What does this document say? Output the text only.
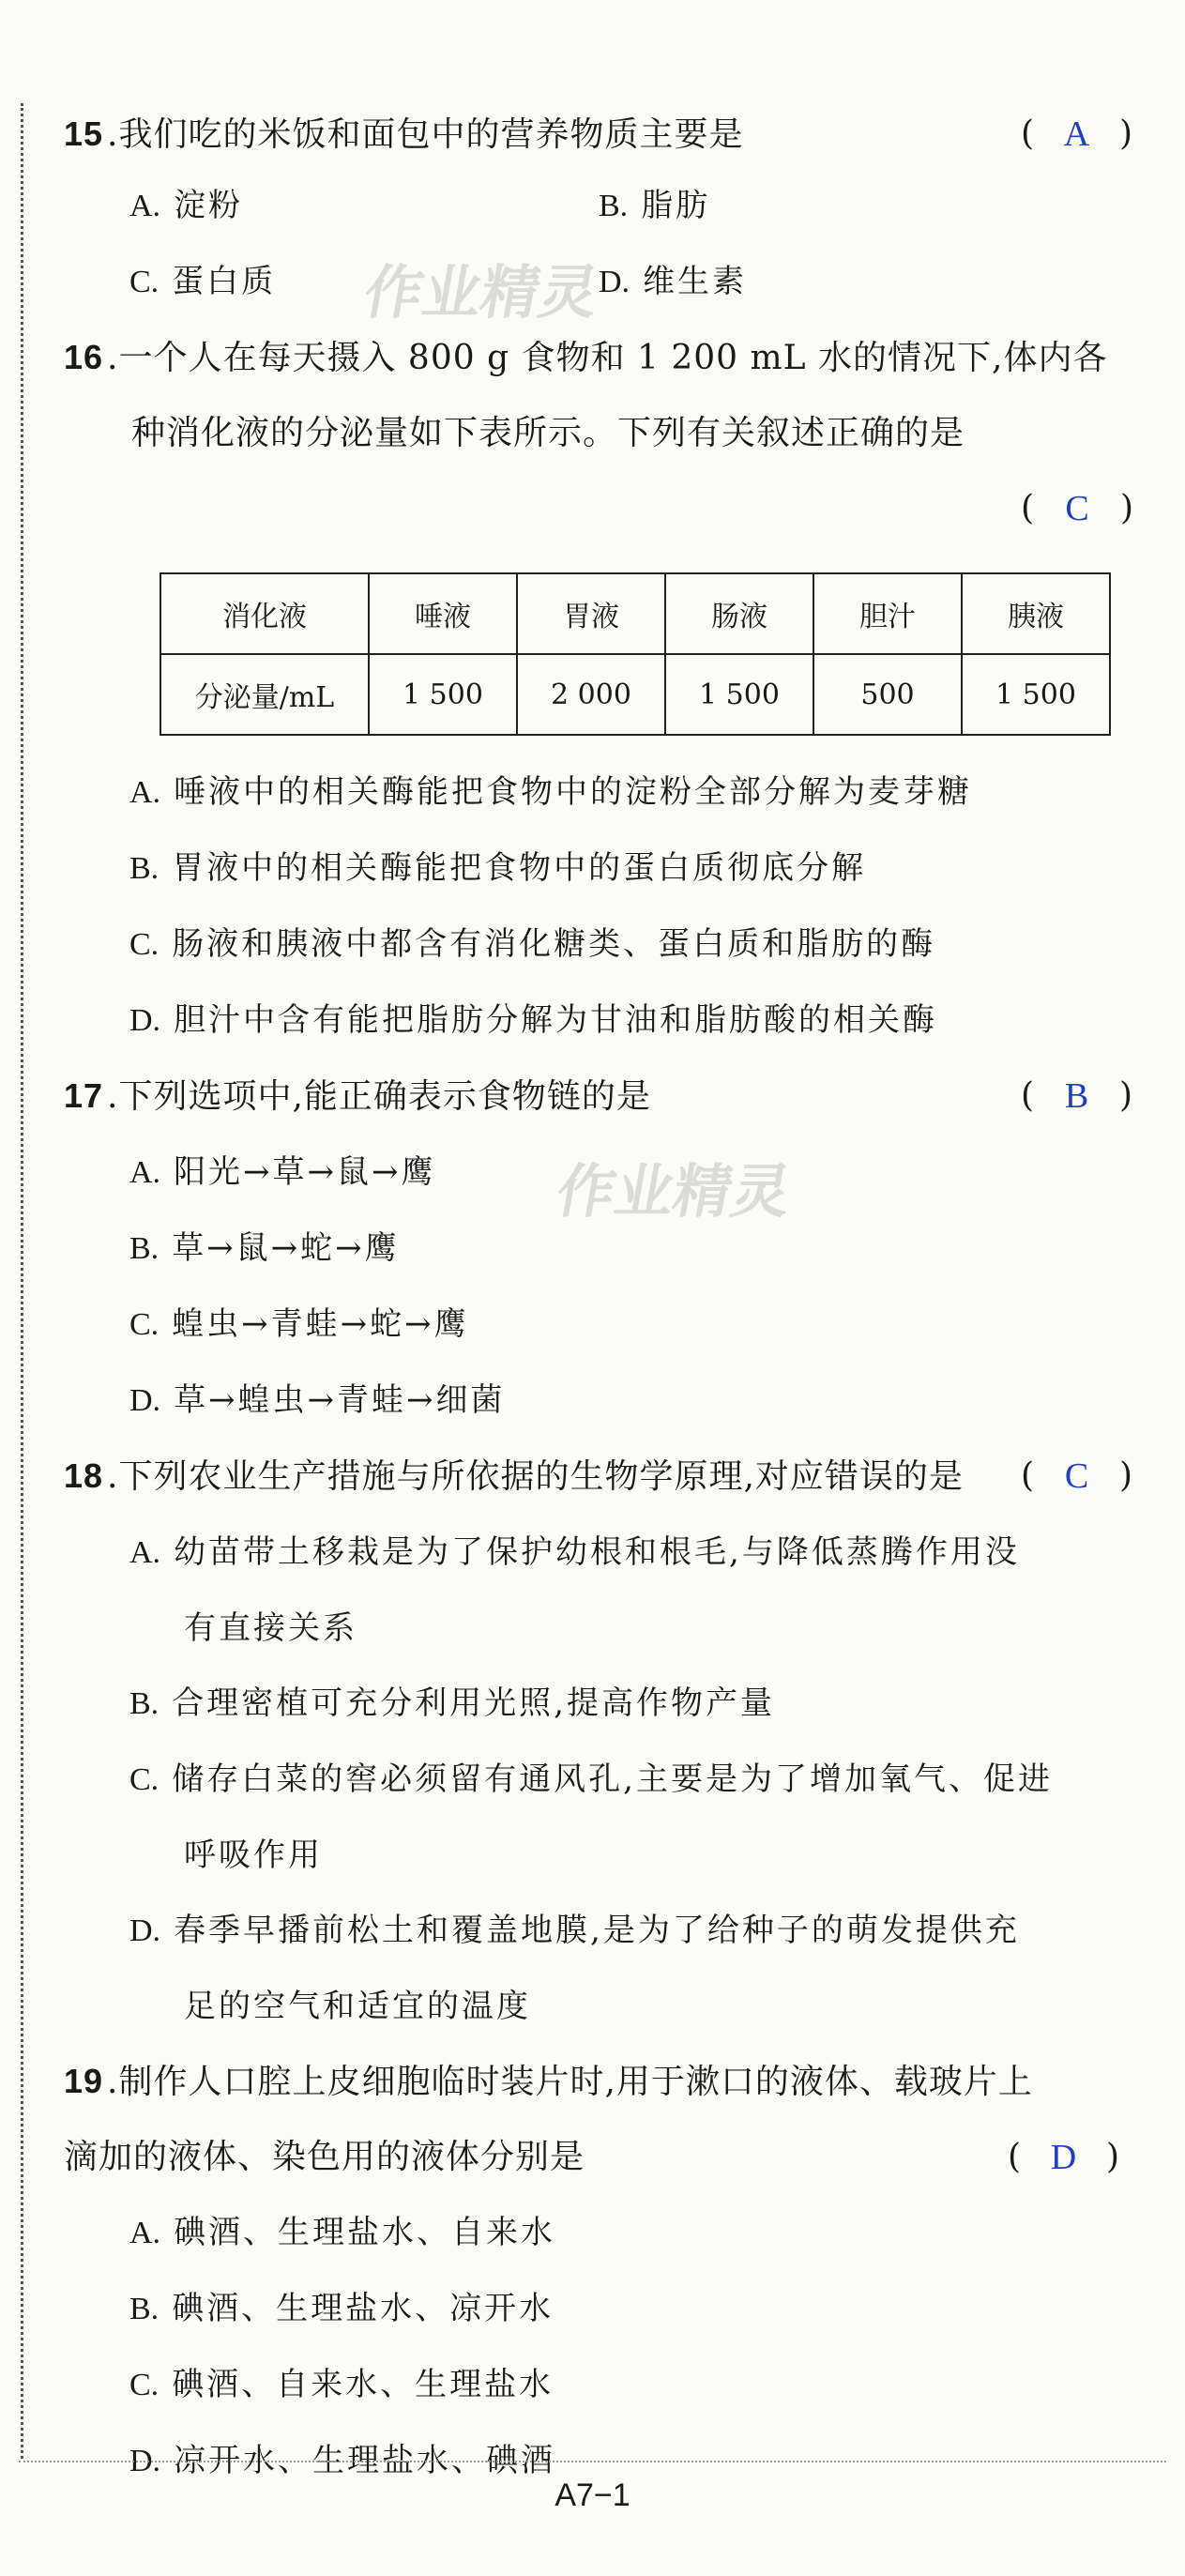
作业精灵
作业精灵
15 .我们吃的米饭和面包中的营养物质主要是	( A )
A. 淀粉	B. 脂肪
C. 蛋白质	D. 维生素
16 .一个人在每天摄入 800 g 食物和 1 200 mL 水的情况下,体内各
种消化液的分泌量如下表所示。下列有关叙述正确的是
( C )
消化液	唾液	胃液	肠液	胆汁	胰液
分泌量/mL	1 500	2 000	1 500	500	1 500
A. 唾液中的相关酶能把食物中的淀粉全部分解为麦芽糖
B. 胃液中的相关酶能把食物中的蛋白质彻底分解
C. 肠液和胰液中都含有消化糖类、蛋白质和脂肪的酶
D. 胆汁中含有能把脂肪分解为甘油和脂肪酸的相关酶
17 .下列选项中,能正确表示食物链的是	( B )
A. 阳光→草→鼠→鹰
B. 草→鼠→蛇→鹰
C. 蝗虫→青蛙→蛇→鹰
D. 草→蝗虫→青蛙→细菌
18 .下列农业生产措施与所依据的生物学原理,对应错误的是 ( C )
A. 幼苗带土移栽是为了保护幼根和根毛,与降低蒸腾作用没
有直接关系
B. 合理密植可充分利用光照,提高作物产量
C. 储存白菜的窖必须留有通风孔,主要是为了增加氧气、促进
呼吸作用
D. 春季早播前松土和覆盖地膜,是为了给种子的萌发提供充
足的空气和适宜的温度
19 .制作人口腔上皮细胞临时装片时,用于漱口的液体、载玻片上
滴加的液体、染色用的液体分别是	( D )
A. 碘酒、生理盐水、自来水
B. 碘酒、生理盐水、凉开水
C. 碘酒、自来水、生理盐水
D. 凉开水、生理盐水、碘酒
A7−1
